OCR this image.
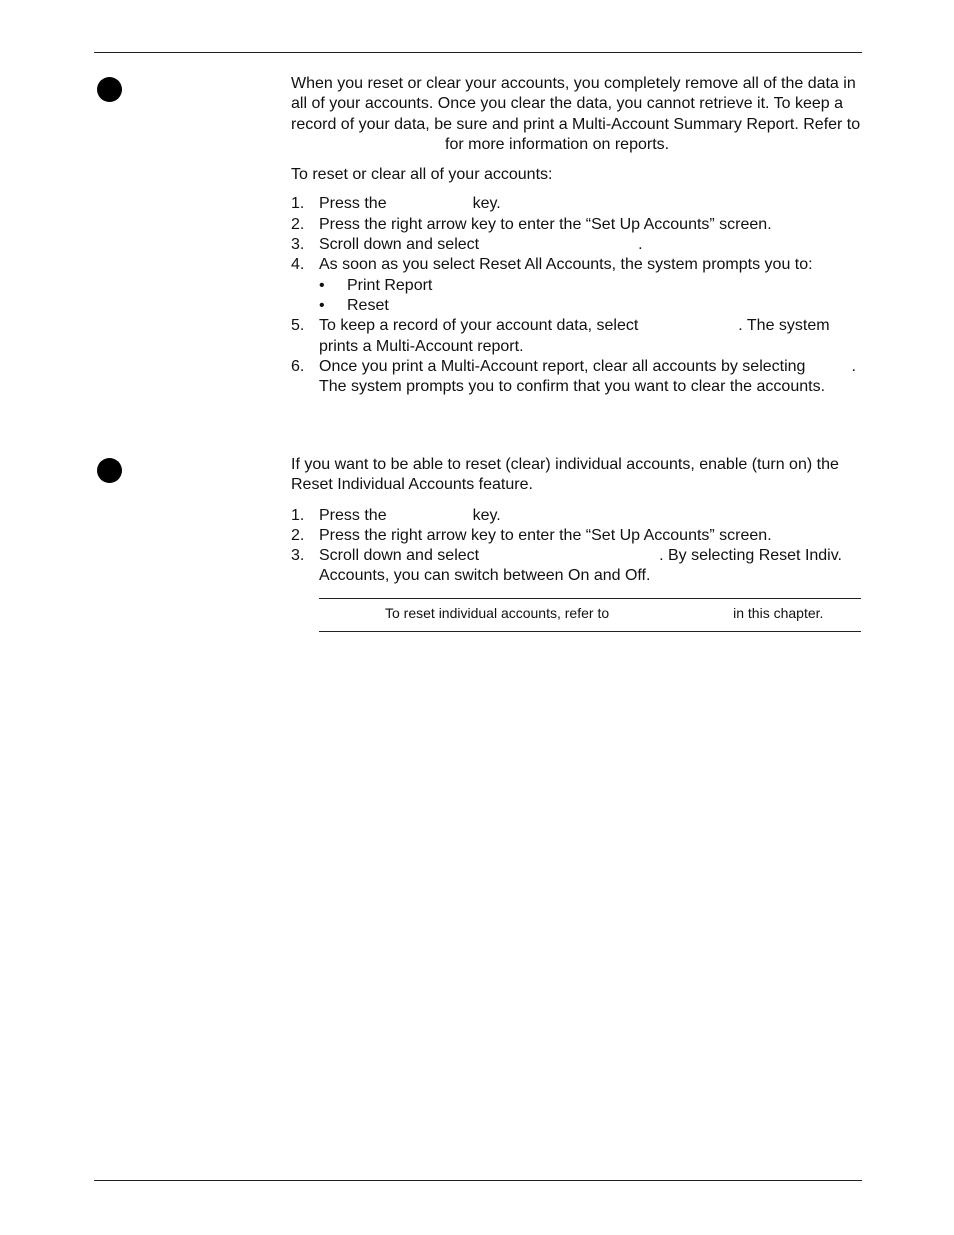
When you reset or clear your accounts, you completely remove all of the data in all of your accounts. Once you clear the data, you cannot retrieve it. To keep a record of your data, be sure and print a Multi-Account Summary Report. Refer tofor more information on reports.

To reset or clear all of your accounts:

1. Press the	key.
2. Press the right arrow key to enter the “Set Up Accounts” screen.
3. Scroll down and select	.
4. As soon as you select Reset All Accounts, the system prompts you to:
• Print Report
• Reset
5. To keep a record of your account data, select	. The system prints a Multi-Account report.
6. Once you print a Multi-Account report, clear all accounts by selecting	. The system prompts you to confirm that you want to clear the accounts.

If you want to be able to reset (clear) individual accounts, enable (turn on) the Reset Individual Accounts feature.

1. Press the	key.
2. Press the right arrow key to enter the “Set Up Accounts” screen.
3. Scroll down and select	. By selecting Reset Indiv. Accounts, you can switch between On and Off.
To reset individual accounts, refer to	in this chapter.
